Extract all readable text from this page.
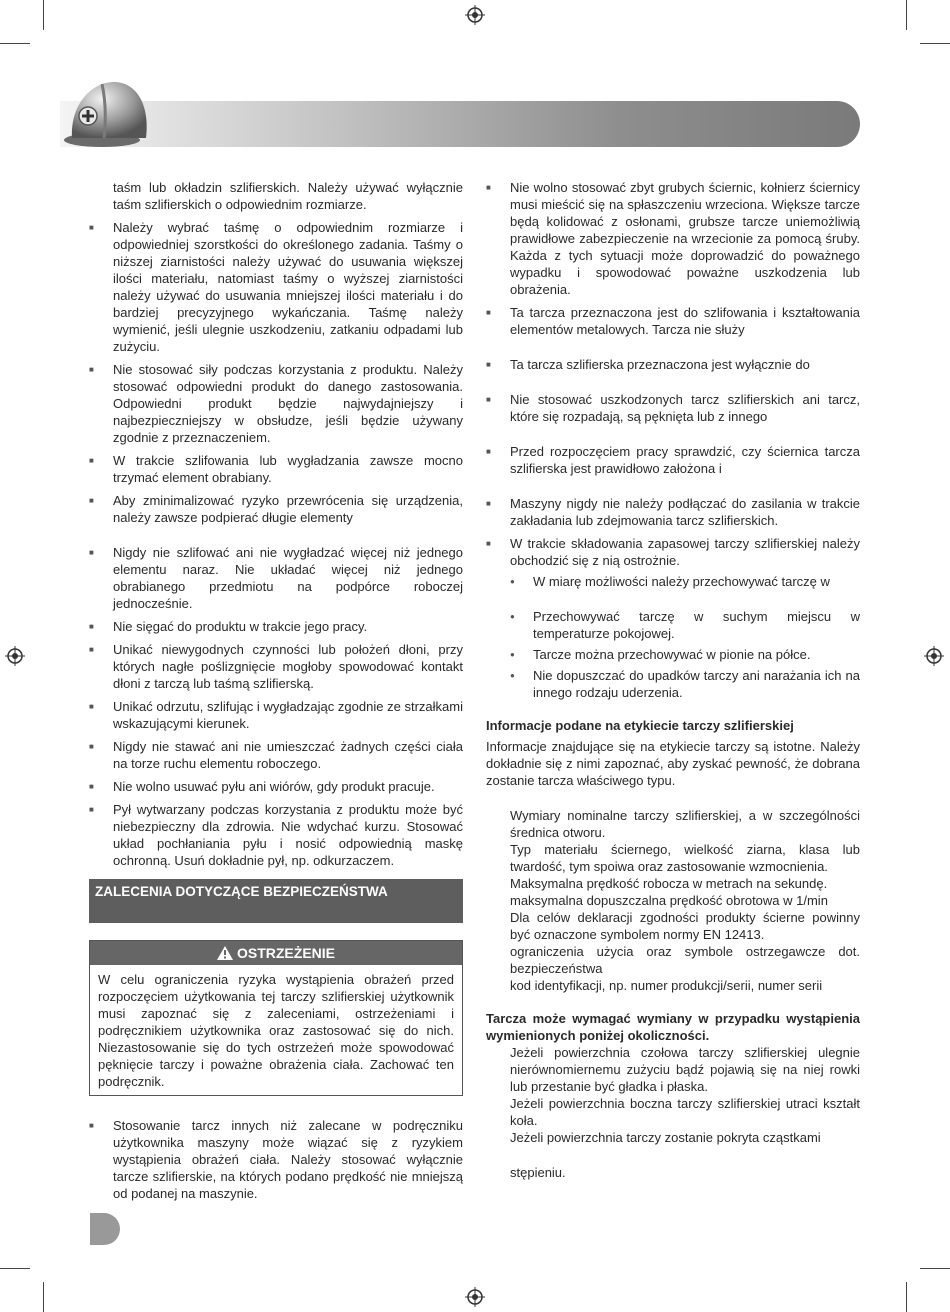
taśm lub okładzin szlifierskich. Należy używać wyłącznie taśm szlifierskich o odpowiednim rozmiarze.

■ Należy wybrać taśmę o odpowiednim rozmiarze i odpowiedniej szorstkości do określonego zadania. Taśmy o niższej ziarnistości należy używać do usuwania większej ilości materiału, natomiast taśmy o wyższej ziarnistości należy używać do usuwania mniejszej ilości materiału i do bardziej precyzyjnego wykańczania. Taśmę należy wymienić, jeśli ulegnie uszkodzeniu, zatkaniu odpadami lub zużyciu.

■ Nie stosować siły podczas korzystania z produktu. Należy stosować odpowiedni produkt do danego zastosowania. Odpowiedni produkt będzie najwydajniejszy i najbezpieczniejszy w obsłudze, jeśli będzie używany zgodnie z przeznaczeniem.

■ W trakcie szlifowania lub wygładzania zawsze mocno trzymać element obrabiany.

■ Aby zminimalizować ryzyko przewrócenia się urządzenia, należy zawsze podpierać długie elementy

■ Nigdy nie szlifować ani nie wygładzać więcej niż jednego elementu naraz. Nie układać więcej niż jednego obrabianego przedmiotu na podpórce roboczej jednocześnie.

■ Nie sięgać do produktu w trakcie jego pracy.

■ Unikać niewygodnych czynności lub położeń dłoni, przy których nagłe poślizgnięcie mogłoby spowodować kontakt dłoni z tarczą lub taśmą szlifierską.

■ Unikać odrzutu, szlifując i wygładzając zgodnie ze strzałkami wskazującymi kierunek.

■ Nigdy nie stawać ani nie umieszczać żadnych części ciała na torze ruchu elementu roboczego.

■ Nie wolno usuwać pyłu ani wiórów, gdy produkt pracuje.

■ Pył wytwarzany podczas korzystania z produktu może być niebezpieczny dla zdrowia. Nie wdychać kurzu. Stosować układ pochłaniania pyłu i nosić odpowiednią maskę ochronną. Usuń dokładnie pył, np. odkurzaczem.

ZALECENIA DOTYCZĄCE BEZPIECZEŃSTWA
OSTRZEŻENIE

W celu ograniczenia ryzyka wystąpienia obrażeń przed rozpoczęciem użytkowania tej tarczy szlifierskiej użytkownik musi zapoznać się z zaleceniami, ostrzeżeniami i podręcznikiem użytkownika oraz zastosować się do nich. Niezastosowanie się do tych ostrzeżeń może spowodować pęknięcie tarczy i poważne obrażenia ciała. Zachować ten podręcznik.

■ Stosowanie tarcz innych niż zalecane w podręczniku użytkownika maszyny może wiązać się z ryzykiem wystąpienia obrażeń ciała. Należy stosować wyłącznie tarcze szlifierskie, na których podano prędkość nie mniejszą od podanej na maszynie.

■ Nie wolno stosować zbyt grubych ściernic, kołnierz ściernicy musi mieścić się na spłaszczeniu wrzeciona. Większe tarcze będą kolidować z osłonami, grubsze tarcze uniemożliwią prawidłowe zabezpieczenie na wrzecionie za pomocą śruby. Każda z tych sytuacji może doprowadzić do poważnego wypadku i spowodować poważne uszkodzenia lub obrażenia.

■ Ta tarcza przeznaczona jest do szlifowania i kształtowania elementów metalowych. Tarcza nie służy

■ Ta tarcza szlifierska przeznaczona jest wyłącznie do

■ Nie stosować uszkodzonych tarcz szlifierskich ani tarcz, które się rozpadają, są pęknięta lub z innego

■ Przed rozpoczęciem pracy sprawdzić, czy ściernica tarcza szlifierska jest prawidłowo założona i

■ Maszyny nigdy nie należy podłączać do zasilania w trakcie zakładania lub zdejmowania tarcz szlifierskich.

■ W trakcie składowania zapasowej tarczy szlifierskiej należy obchodzić się z nią ostrożnie.

● W miarę możliwości należy przechowywać tarczę w

● Przechowywać tarczę w suchym miejscu w temperaturze pokojowej.

● Tarcze można przechowywać w pionie na półce.

● Nie dopuszczać do upadków tarczy ani narażania ich na innego rodzaju uderzenia.

Informacje podane na etykiecie tarczy szlifierskiej

Informacje znajdujące się na etykiecie tarczy są istotne. Należy dokładnie się z nimi zapoznać, aby zyskać pewność, że dobrana zostanie tarcza właściwego typu.

Wymiary nominalne tarczy szlifierskiej, a w szczególności średnica otworu.

Typ materiału ściernego, wielkość ziarna, klasa lub twardość, tym spoiwa oraz zastosowanie wzmocnienia.

Maksymalna prędkość robocza w metrach na sekundę.

maksymalna dopuszczalna prędkość obrotowa w 1/min

Dla celów deklaracji zgodności produkty ścierne powinny być oznaczone symbolem normy EN 12413.

ograniczenia użycia oraz symbole ostrzegawcze dot. bezpieczeństwa

kod identyfikacji, np. numer produkcji/serii, numer serii

Tarcza może wymagać wymiany w przypadku wystąpienia wymienionych poniżej okoliczności.

Jeżeli powierzchnia czołowa tarczy szlifierskiej ulegnie nierównomiernemu zużyciu bądź pojawią się na niej rowki lub przestanie być gładka i płaska.

Jeżeli powierzchnia boczna tarczy szlifierskiej utraci kształt koła.

Jeżeli powierzchnia tarczy zostanie pokryta cząstkami

stępieniu.
